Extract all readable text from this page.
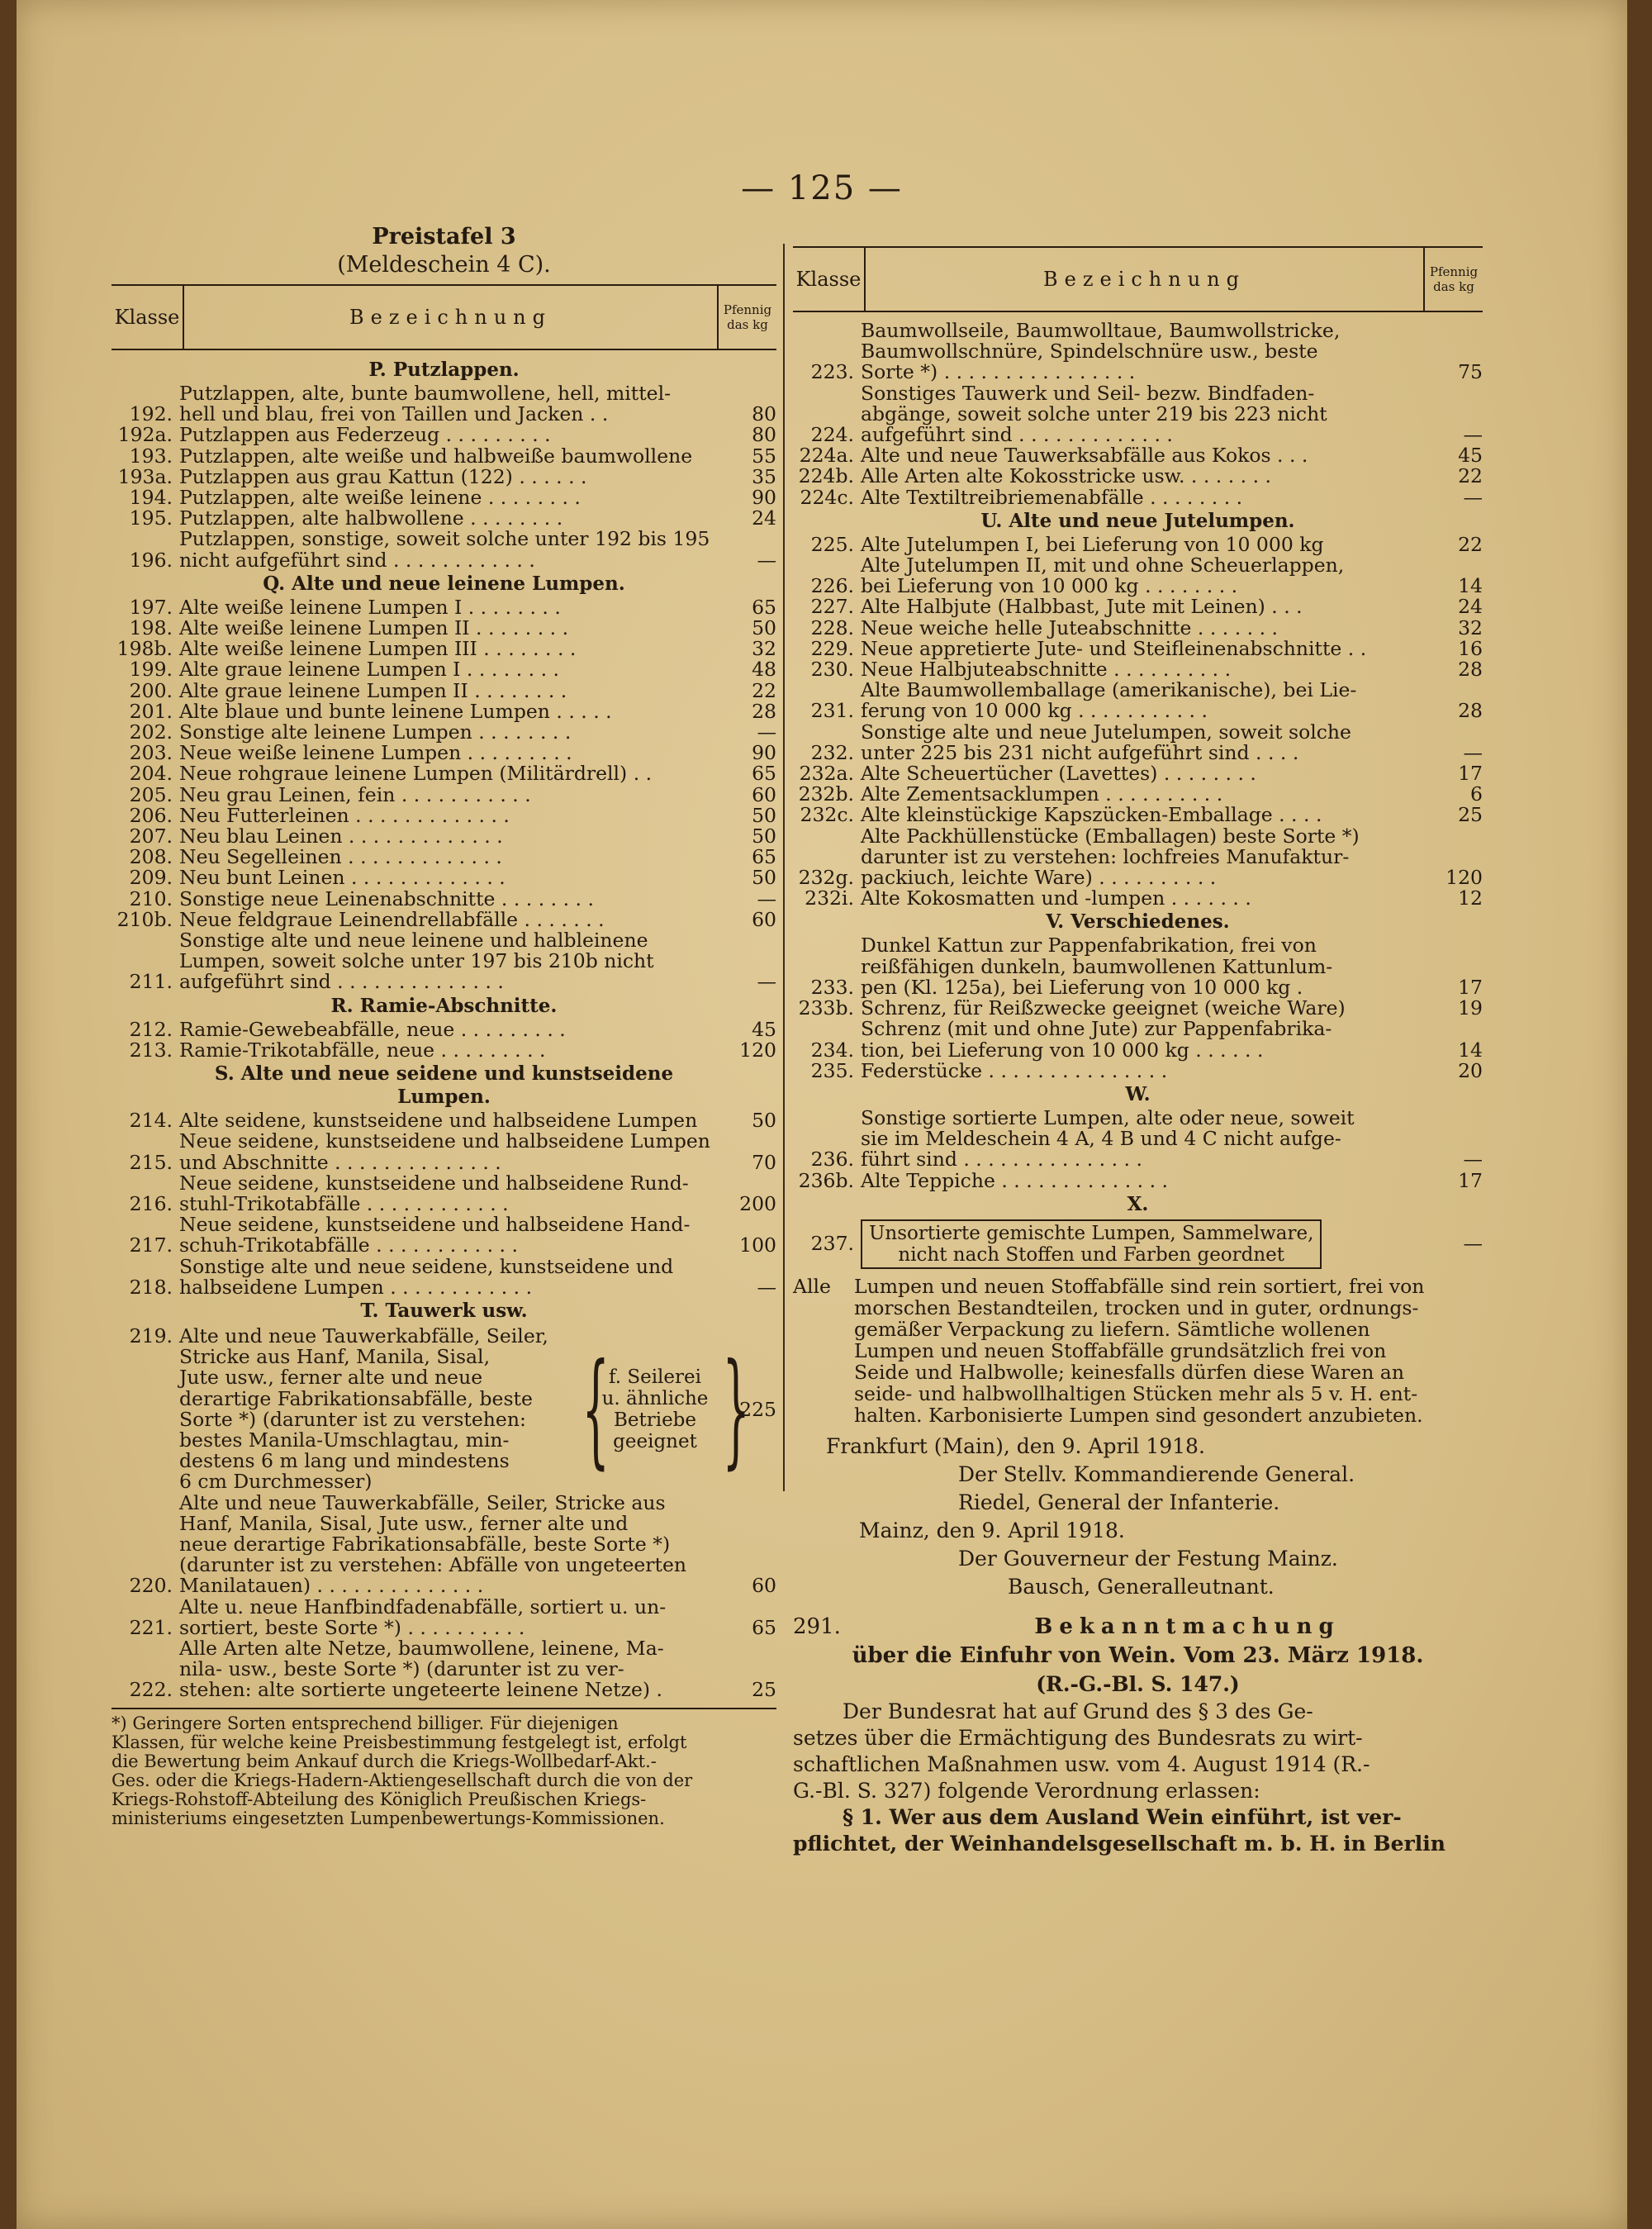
— 125 —
Preistafel 3
(Meldeschein 4 C).
Klasse	Bezeichnung	Pfennig das kg
P. Putzlappen.
192.
Putzlappen, alte, bunte baumwollene, hell, mittel-
hell und blau, frei von Taillen und Jacken . .	80
192a. Putzlappen aus Federzeug . . . . . . . . .	80
193. Putzlappen, alte weiße und halbweiße baumwollene	55
193a. Putzlappen aus grau Kattun (122) . . . . . .	35
194. Putzlappen, alte weiße leinene . . . . . . . .	90
195. Putzlappen, alte halbwollene . . . . . . . .	24
196.
Putzlappen, sonstige, soweit solche unter 192 bis 195
nicht aufgeführt sind . . . . . . . . . . . .	—
Q. Alte und neue leinene Lumpen.
197. Alte weiße leinene Lumpen I . . . . . . . .	65
198. Alte weiße leinene Lumpen II . . . . . . . .	50
198b. Alte weiße leinene Lumpen III . . . . . . . .	32
199. Alte graue leinene Lumpen I . . . . . . . .	48
200. Alte graue leinene Lumpen II . . . . . . . .	22
201. Alte blaue und bunte leinene Lumpen . . . . .	28
202. Sonstige alte leinene Lumpen . . . . . . . .	—
203. Neue weiße leinene Lumpen . . . . . . . . .	90
204. Neue rohgraue leinene Lumpen (Militärdrell) . .	65
205. Neu grau Leinen, fein . . . . . . . . . . .	60
206. Neu Futterleinen . . . . . . . . . . . . .	50
207. Neu blau Leinen . . . . . . . . . . . . .	50
208. Neu Segelleinen . . . . . . . . . . . . .	65
209. Neu bunt Leinen . . . . . . . . . . . . .	50
210. Sonstige neue Leinenabschnitte . . . . . . . .	—
210b. Neue feldgraue Leinendrellabfälle . . . . . . .	60
211.
Sonstige alte und neue leinene und halbleinene
Lumpen, soweit solche unter 197 bis 210b nicht
aufgeführt sind . . . . . . . . . . . . . .	—
R. Ramie-Abschnitte.
212. Ramie-Gewebeabfälle, neue . . . . . . . . .	45
213. Ramie-Trikotabfälle, neue . . . . . . . . .	120
S. Alte und neue seidene und kunstseidene
Lumpen.
214. Alte seidene, kunstseidene und halbseidene Lumpen	50
215.
Neue seidene, kunstseidene und halbseidene Lumpen
und Abschnitte . . . . . . . . . . . . . .	70
216.
Neue seidene, kunstseidene und halbseidene Rund-
stuhl-Trikotabfälle . . . . . . . . . . . .	200
217.
Neue seidene, kunstseidene und halbseidene Hand-
schuh-Trikotabfälle . . . . . . . . . . . .	100
218.
Sonstige alte und neue seidene, kunstseidene und
halbseidene Lumpen . . . . . . . . . . . .	—
T. Tauwerk usw.
219. Alte und neue Tauwerkabfälle, Seiler,
Stricke aus Hanf, Manila, Sisal,
Jute usw., ferner alte und neue
derartige Fabrikationsabfälle, beste
Sorte *) (darunter ist zu verstehen:
bestes Manila-Umschlagtau, min-
destens 6 m lang und mindestens
6 cm Durchmesser)
{ f. Seilerei
u. ähnliche
Betriebe
geeignet }
225
220.
Alte und neue Tauwerkabfälle, Seiler, Stricke aus
Hanf, Manila, Sisal, Jute usw., ferner alte und
neue derartige Fabrikationsabfälle, beste Sorte *)
(darunter ist zu verstehen: Abfälle von ungeteerten
Manilatauen) . . . . . . . . . . . . . .	60
221.
Alte u. neue Hanfbindfadenabfälle, sortiert u. un-
sortiert, beste Sorte *) . . . . . . . . . .	65
222.
Alle Arten alte Netze, baumwollene, leinene, Ma-
nila- usw., beste Sorte *) (darunter ist zu ver-
stehen: alte sortierte ungeteerte leinene Netze) .	25
*) Geringere Sorten entsprechend billiger. Für diejenigen
Klassen, für welche keine Preisbestimmung festgelegt ist, erfolgt
die Bewertung beim Ankauf durch die Kriegs-Wollbedarf-Akt.-
Ges. oder die Kriegs-Hadern-Aktiengesellschaft durch die von der
Kriegs-Rohstoff-Abteilung des Königlich Preußischen Kriegs-
ministeriums eingesetzten Lumpenbewertungs-Kommissionen.
Klasse	Bezeichnung	Pfennig das kg
223.
Baumwollseile, Baumwolltaue, Baumwollstricke,
Baumwollschnüre, Spindelschnüre usw., beste
Sorte *) . . . . . . . . . . . . . . . .	75
224.
Sonstiges Tauwerk und Seil- bezw. Bindfaden-
abgänge, soweit solche unter 219 bis 223 nicht
aufgeführt sind . . . . . . . . . . . . .	—
224a. Alte und neue Tauwerksabfälle aus Kokos . . .	45
224b. Alle Arten alte Kokosstricke usw. . . . . . . .	22
224c. Alte Textiltreibriemenabfälle . . . . . . . .	—
U. Alte und neue Jutelumpen.
225. Alte Jutelumpen I, bei Lieferung von 10 000 kg	22
226.
Alte Jutelumpen II, mit und ohne Scheuerlappen,
bei Lieferung von 10 000 kg . . . . . . . .	14
227. Alte Halbjute (Halbbast, Jute mit Leinen) . . .	24
228. Neue weiche helle Juteabschnitte . . . . . . .	32
229. Neue appretierte Jute- und Steifleinenabschnitte . .	16
230. Neue Halbjuteabschnitte . . . . . . . . . .	28
231.
Alte Baumwollemballage (amerikanische), bei Lie-
ferung von 10 000 kg . . . . . . . . . . .	28
232.
Sonstige alte und neue Jutelumpen, soweit solche
unter 225 bis 231 nicht aufgeführt sind . . . .	—
232a. Alte Scheuertücher (Lavettes) . . . . . . . .	17
232b. Alte Zementsacklumpen . . . . . . . . . .	6
232c. Alte kleinstückige Kapszücken-Emballage . . . .	25
232g.
Alte Packhüllenstücke (Emballagen) beste Sorte *)
darunter ist zu verstehen: lochfreies Manufaktur-
packiuch, leichte Ware) . . . . . . . . . .	120
232i. Alte Kokosmatten und -lumpen . . . . . . .	12
V. Verschiedenes.
233.
Dunkel Kattun zur Pappenfabrikation, frei von
reißfähigen dunkeln, baumwollenen Kattunlum-
pen (Kl. 125a), bei Lieferung von 10 000 kg .	17
233b. Schrenz, für Reißzwecke geeignet (weiche Ware)	19
234.
Schrenz (mit und ohne Jute) zur Pappenfabrika-
tion, bei Lieferung von 10 000 kg . . . . . .	14
235. Federstücke . . . . . . . . . . . . . . .	20
W.
236.
Sonstige sortierte Lumpen, alte oder neue, soweit
sie im Meldeschein 4 A, 4 B und 4 C nicht aufge-
führt sind . . . . . . . . . . . . . . .	—
236b. Alte Teppiche . . . . . . . . . . . . . .	17
X.
237. Unsortierte gemischte Lumpen, Sammelware,
nicht nach Stoffen und Farben geordnet	—
Alle	Lumpen und neuen Stoffabfälle sind rein sortiert, frei von
morschen Bestandteilen, trocken und in guter, ordnungs-
gemäßer Verpackung zu liefern. Sämtliche wollenen
Lumpen und neuen Stoffabfälle grundsätzlich frei von
Seide und Halbwolle; keinesfalls dürfen diese Waren an
seide- und halbwollhaltigen Stücken mehr als 5 v. H. ent-
halten. Karbonisierte Lumpen sind gesondert anzubieten.
Frankfurt (Main), den 9. April 1918.
Der Stellv. Kommandierende General.
Riedel, General der Infanterie.
Mainz, den 9. April 1918.
Der Gouverneur der Festung Mainz.
Bausch, Generalleutnant.
291.	Bekanntmachung
über die Einfuhr von Wein. Vom 23. März 1918.
(R.-G.-Bl. S. 147.)
Der Bundesrat hat auf Grund des § 3 des Ge-
setzes über die Ermächtigung des Bundesrats zu wirt-
schaftlichen Maßnahmen usw. vom 4. August 1914 (R.-
G.-Bl. S. 327) folgende Verordnung erlassen:
§ 1. Wer aus dem Ausland Wein einführt, ist ver-
pflichtet, der Weinhandelsgesellschaft m. b. H. in Berlin
